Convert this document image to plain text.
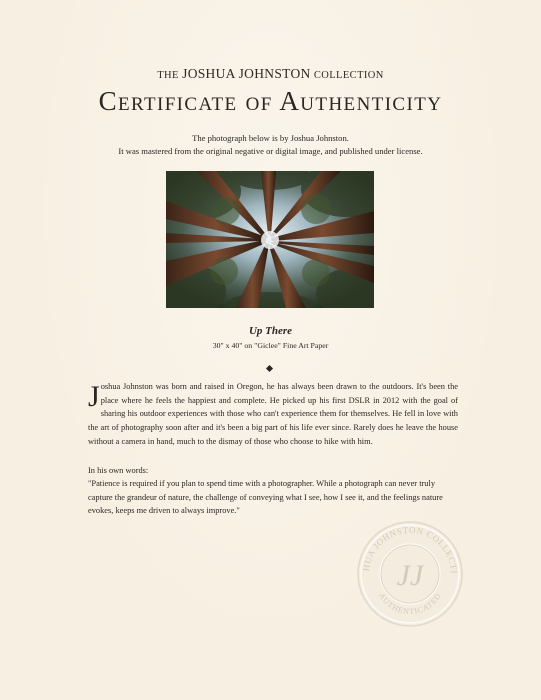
THE JOSHUA JOHNSTON COLLECTION
Certificate of Authenticity
The photograph below is by Joshua Johnston.
It was mastered from the original negative or digital image, and published under license.
Up There
30" x 40" on "Giclee" Fine Art Paper
Joshua Johnston was born and raised in Oregon, he has always been drawn to the outdoors. It's been the place where he feels the happiest and complete. He picked up his first DSLR in 2012 with the goal of sharing his outdoor experiences with those who can't experience them for themselves. He fell in love with the art of photography soon after and it's been a big part of his life ever since. Rarely does he leave the house without a camera in hand, much to the dismay of those who choose to hike with him.
In his own words:
"Patience is required if you plan to spend time with a photographer. While a photograph can never truly capture the grandeur of nature, the challenge of conveying what I see, how I see it, and the feelings nature evokes, keeps me driven to always improve."
HUA JOHNSTON COLLECTI
AUTHENTICATED
JJ
